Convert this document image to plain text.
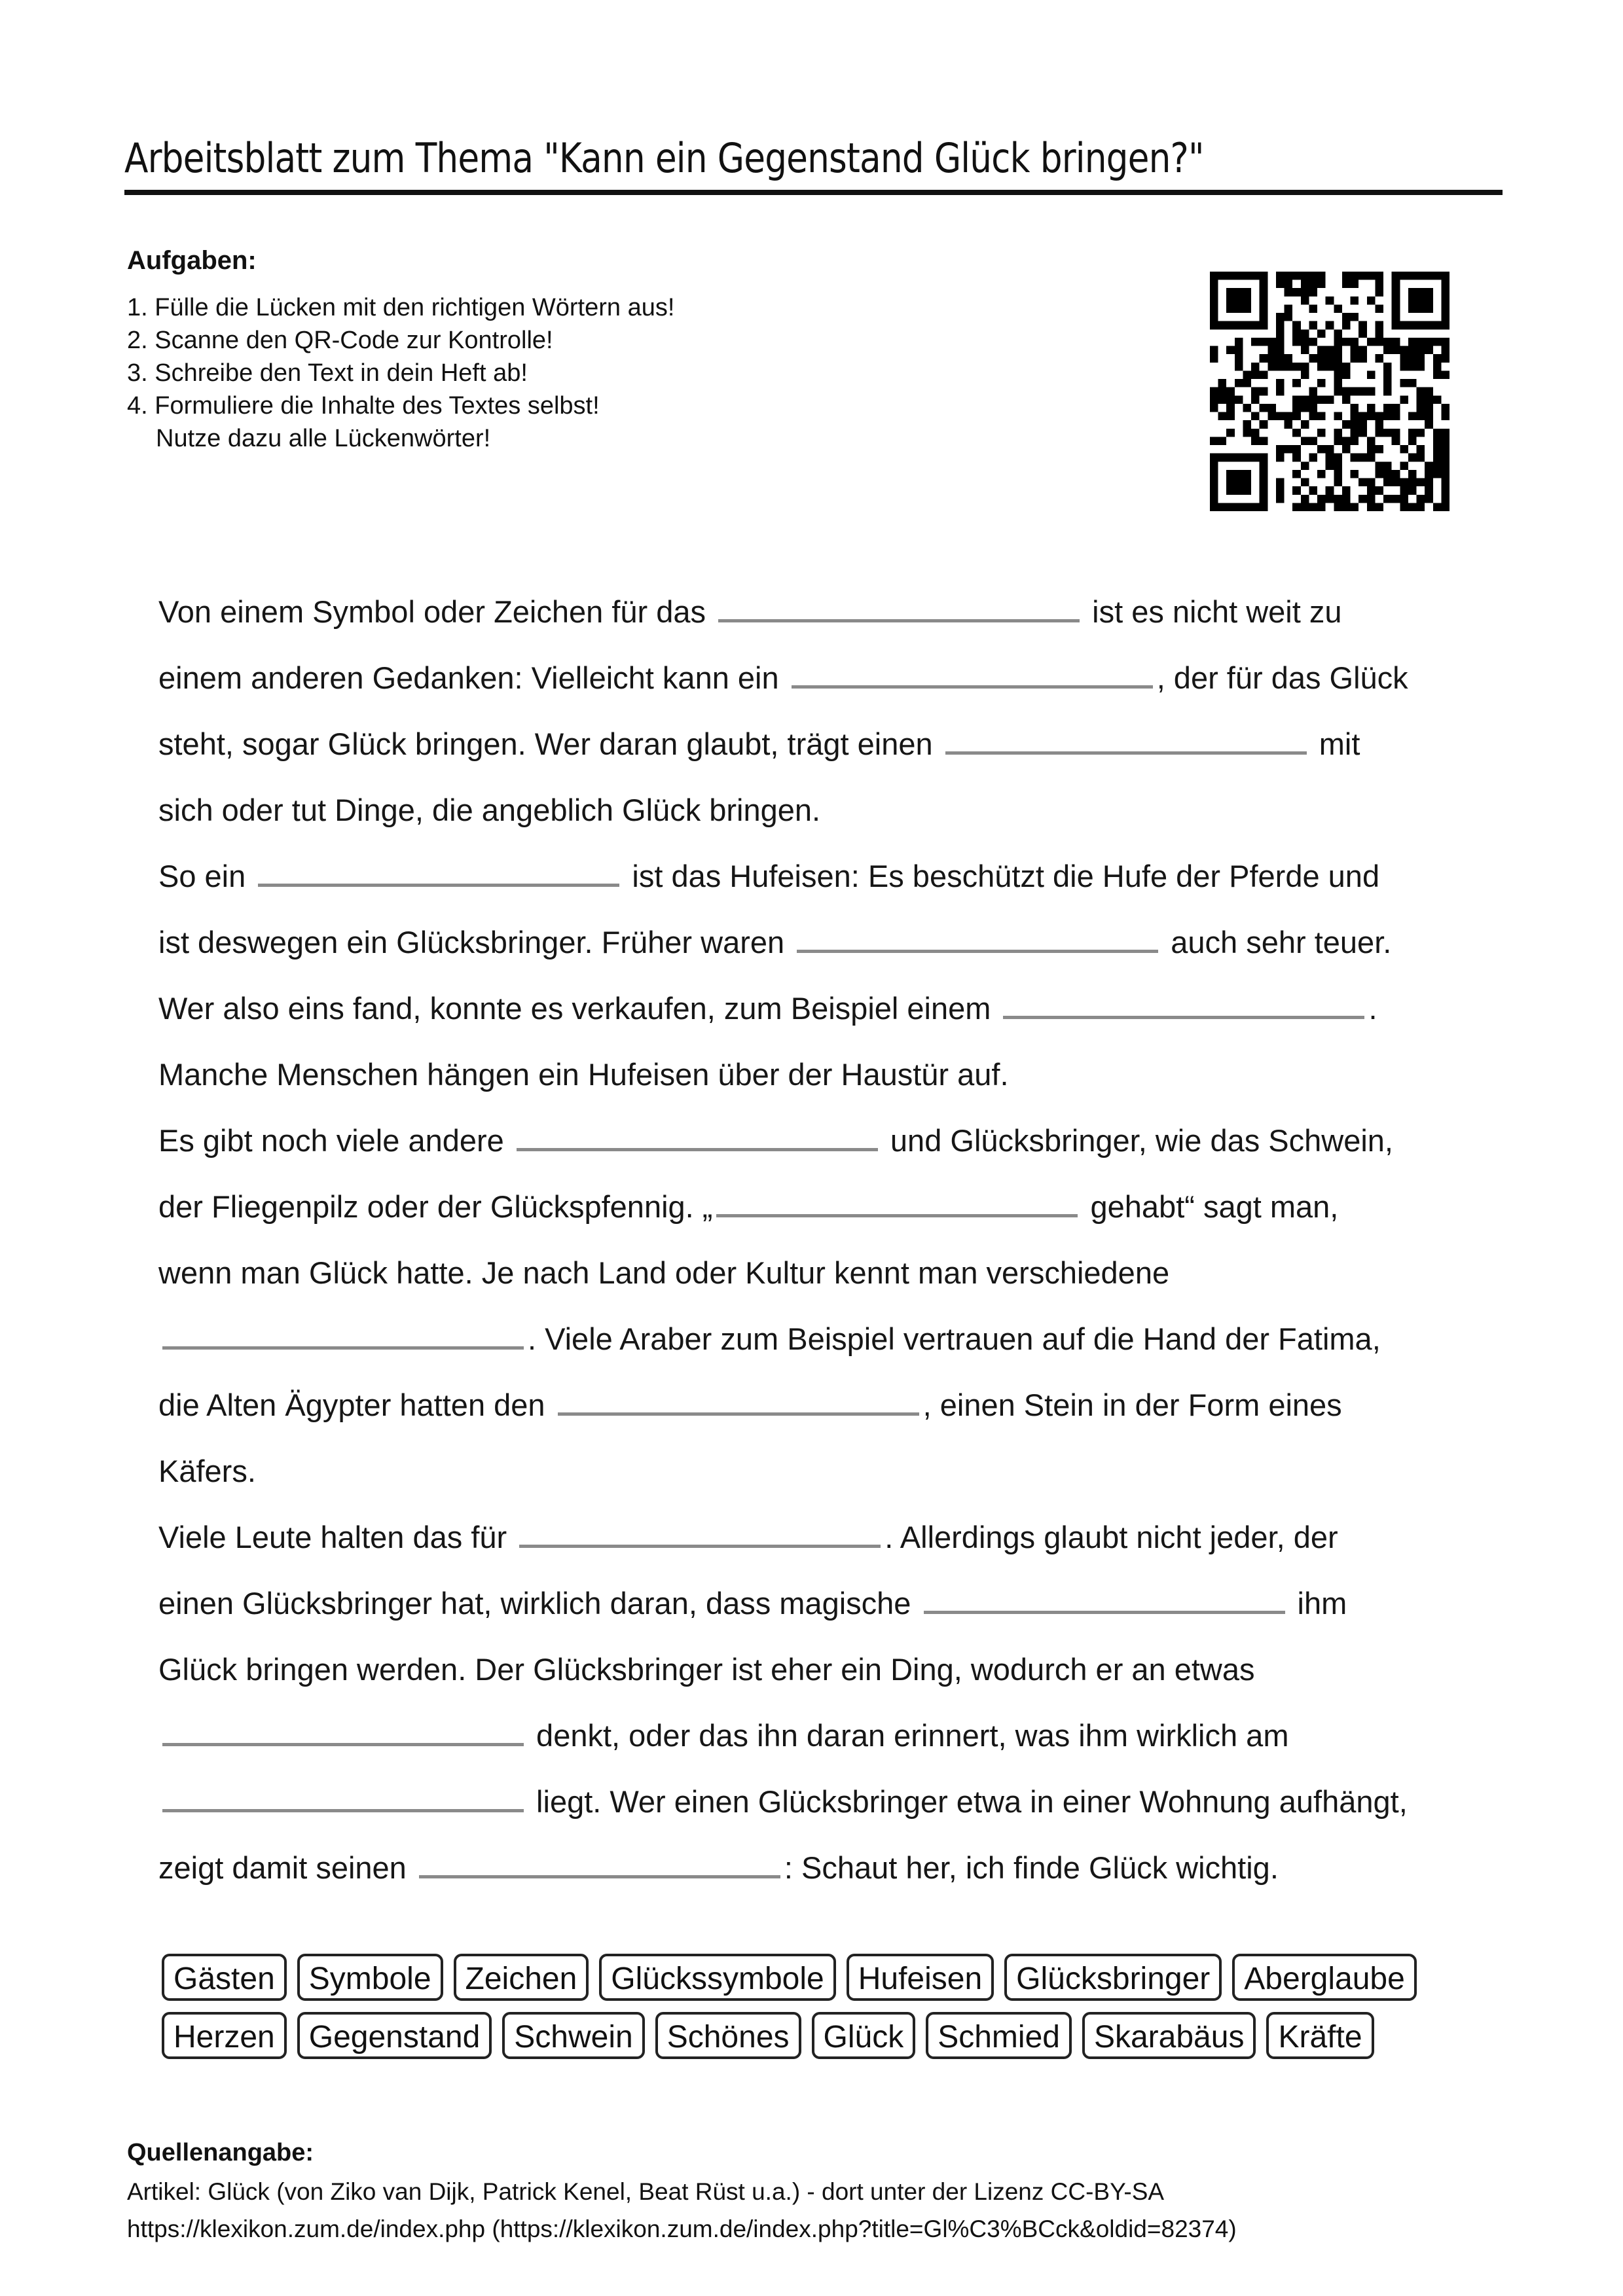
Arbeitsblatt zum Thema "Kann ein Gegenstand Glück bringen?"
Aufgaben:
1. Fülle die Lücken mit den richtigen Wörtern aus!
2. Scanne den QR-Code zur Kontrolle!
3. Schreibe den Text in dein Heft ab!
4. Formuliere die Inhalte des Textes selbst!
Nutze dazu alle Lückenwörter!
Von einem Symbol oder Zeichen für das	ist es nicht weit zu
einem anderen Gedanken: Vielleicht kann ein	, der für das Glück
steht, sogar Glück bringen. Wer daran glaubt, trägt einen	mit
sich oder tut Dinge, die angeblich Glück bringen.
So ein	ist das Hufeisen: Es beschützt die Hufe der Pferde und
ist deswegen ein Glücksbringer. Früher waren	auch sehr teuer.
Wer also eins fand, konnte es verkaufen, zum Beispiel einem	.
Manche Menschen hängen ein Hufeisen über der Haustür auf.
Es gibt noch viele andere	und Glücksbringer, wie das Schwein,
der Fliegenpilz oder der Glückspfennig. „	gehabt“ sagt man,
wenn man Glück hatte. Je nach Land oder Kultur kennt man verschiedene
. Viele Araber zum Beispiel vertrauen auf die Hand der Fatima,
die Alten Ägypter hatten den	, einen Stein in der Form eines
Käfers.
Viele Leute halten das für	. Allerdings glaubt nicht jeder, der
einen Glücksbringer hat, wirklich daran, dass magische	ihm
Glück bringen werden. Der Glücksbringer ist eher ein Ding, wodurch er an etwas
denkt, oder das ihn daran erinnert, was ihm wirklich am
liegt. Wer einen Glücksbringer etwa in einer Wohnung aufhängt,
zeigt damit seinen	: Schaut her, ich finde Glück wichtig.
Gästen	Symbole	Zeichen	Glückssymbole	Hufeisen	Glücksbringer	Aberglaube
Herzen	Gegenstand	Schwein	Schönes	Glück	Schmied	Skarabäus	Kräfte
Quellenangabe:
Artikel: Glück (von Ziko van Dijk, Patrick Kenel, Beat Rüst u.a.) - dort unter der Lizenz CC-BY-SA
https://klexikon.zum.de/index.php (https://klexikon.zum.de/index.php?title=Gl%C3%BCck&oldid=82374)
